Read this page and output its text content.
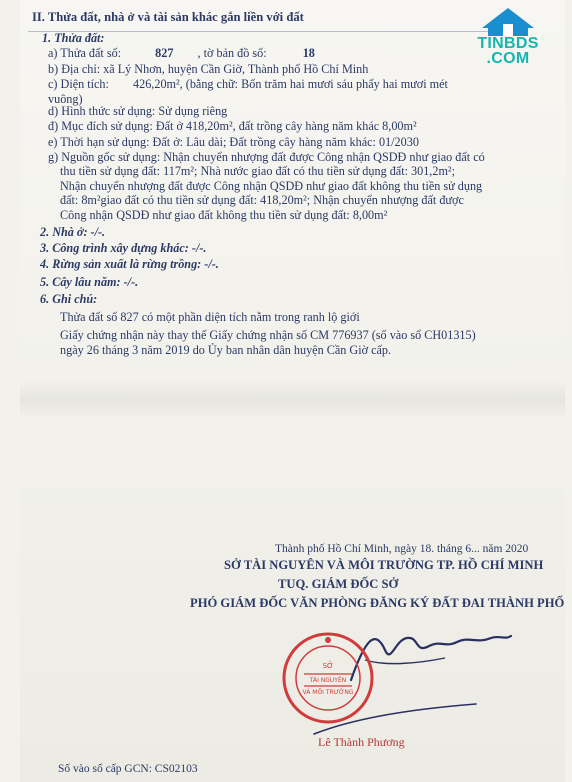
II. Thửa đất, nhà ở và tài sản khác gắn liền với đất
TINBDS
.COM
1. Thửa đất:
a) Thửa đất số:	827 , tờ bản đồ số:	18
b) Địa chỉ: xã Lý Nhơn, huyện Cần Giờ, Thành phố Hồ Chí Minh
c) Diện tích: 426,20m², (bằng chữ: Bốn trăm hai mươi sáu phẩy hai mươi mét
vuông)
d) Hình thức sử dụng: Sử dụng riêng
đ) Mục đích sử dụng: Đất ở 418,20m², đất trồng cây hàng năm khác 8,00m²
e) Thời hạn sử dụng: Đất ở: Lâu dài; Đất trồng cây hàng năm khác: 01/2030
g) Nguồn gốc sử dụng: Nhận chuyển nhượng đất được Công nhận QSDĐ như giao đất có
thu tiền sử dụng đất: 117m²; Nhà nước giao đất có thu tiền sử dụng đất: 301,2m²;
Nhận chuyển nhượng đất được Công nhận QSDĐ như giao đất không thu tiền sử dụng
đất: 8m²giao đất có thu tiền sử dụng đất: 418,20m²; Nhận chuyển nhượng đất được
Công nhận QSDĐ như giao đất không thu tiền sử dụng đất: 8,00m²
2. Nhà ở: -/-.
3. Công trình xây dựng khác: -/-.
4. Rừng sản xuất là rừng trồng: -/-.
5. Cây lâu năm: -/-.
6. Ghi chú:
Thửa đất số 827 có một phần diện tích nằm trong ranh lộ giới
Giấy chứng nhận này thay thế Giấy chứng nhận số CM 776937 (số vào sổ CH01315)
ngày 26 tháng 3 năm 2019 do Ủy ban nhân dân huyện Cần Giờ cấp.
Thành phố Hồ Chí Minh, ngày 18. tháng 6... năm 2020
SỞ TÀI NGUYÊN VÀ MÔI TRƯỜNG TP. HỒ CHÍ MINH
TUQ. GIÁM ĐỐC SỞ
PHÓ GIÁM ĐỐC VĂN PHÒNG ĐĂNG KÝ ĐẤT ĐAI THÀNH PHỐ
SỞ
TÀI NGUYÊN
VÀ MÔI TRƯỜNG
Lê Thành Phương
Số vào sổ cấp GCN: CS02103
